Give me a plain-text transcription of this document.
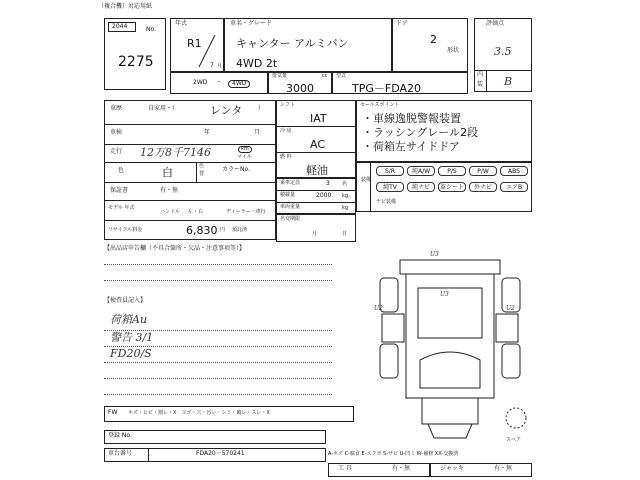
（複合機）対応用紙
2044	No.
2275
年式
R1
7 月
車名・グレード
キャンター アルミバン
4WD 2t
ドア
2
形状
評価点
3.5
内
装 B
2WD ・	4WD
排気量	cc
3000
型式
TPG－FDA20
車歴	自家用・（	レンタ	）
車検	年	月
走行 12万8千7146	km
マイル
色	白	色
替
カラーNo.
保証書	有・無
モデル 年式
ハンドル 左・右	ディーラー・車行
リサイクル料金	6,830 円 預託済
シフト
IAT
冷 房
AC
燃 料
軽油
乗車定員	3 名
積載量	2000 kg
車両重量	kg
名変期限
月	日
セールスポイント
・車線逸脱警報装置
・ラッシングレール2段
・荷箱左サイドドア
装備
S/R	純A/W	P/S	P/W	ABS
純TV	純ナビ	革シート	外ナビ	エアB
ナビ装備
【出品店申告欄（不具合箇所・欠品・注意事項等）】
【検査員記入】
荷箱Au
警告 3/1
FD20/S
U3
U3
U2	U2
スペア
FW キズ・ヒビ・割レ・X　ヨゴ・穴・汚レ・シミ・破レ・スレ・X
登録 No.
車台番号	FDA20－570241	A-キズ C-腐食 E-エクボ S-サビ U-凹ミ W-補修 XX-交換済
工 具	有・無	ジャッキ	有・無
